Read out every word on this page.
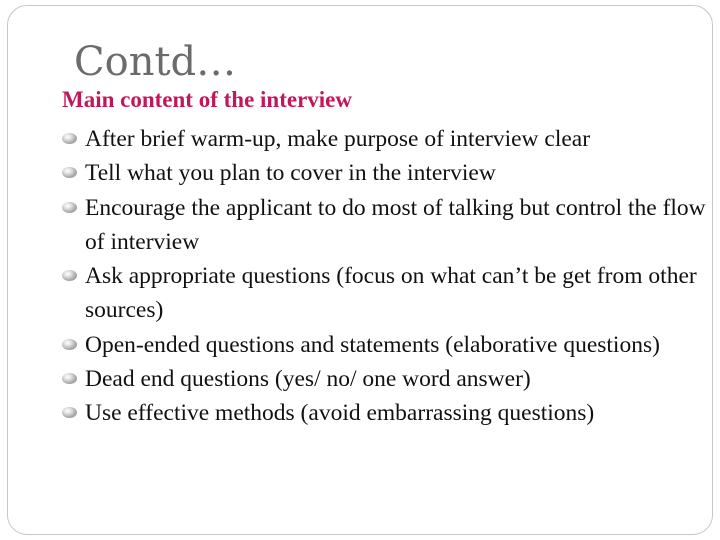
Contd…
Main content of the interview
After brief warm-up, make purpose of interview clear
Tell what you plan to cover in the interview
Encourage the applicant to do most of talking but control the flow of interview
Ask appropriate questions (focus on what can’t be get from other sources)
Open-ended questions and statements (elaborative questions)
Dead end questions (yes/ no/ one word answer)
Use effective methods (avoid embarrassing questions)
